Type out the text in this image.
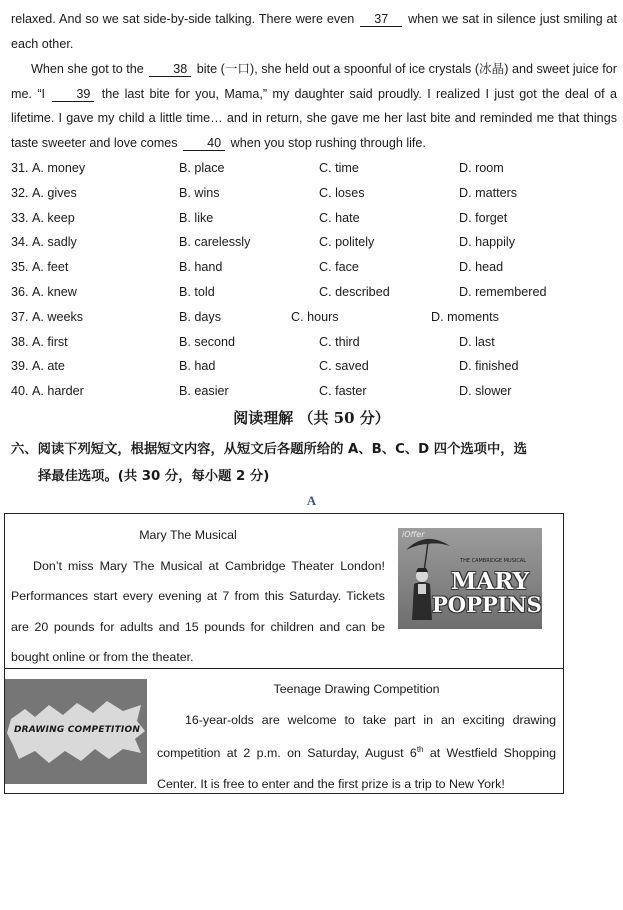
relaxed. And so we sat side-by-side talking. There were even 37 when we sat in silence just smiling at each other.
When she got to the 38 bite (一口), she held out a spoonful of ice crystals (冰晶) and sweet juice for me. “I 39 the last bite for you, Mama,” my daughter said proudly. I realized I just got the deal of a lifetime. I gave my child a little time… and in return, she gave me her last bite and reminded me that things taste sweeter and love comes 40 when you stop rushing through life.
31. A. money	B. place	C. time	D. room
32. A. gives	B. wins	C. loses	D. matters
33. A. keep	B. like	C. hate	D. forget
34. A. sadly	B. carelessly	C. politely	D. happily
35. A. feet	B. hand	C. face	D. head
36. A. knew	B. told	C. described	D. remembered
37. A. weeks	B. days	C. hours	D. moments
38. A. first	B. second	C. third	D. last
39. A. ate	B. had	C. saved	D. finished
40. A. harder	B. easier	C. faster	D. slower
阅读理解 （共 50 分）
六、阅读下列短文，根据短文内容，从短文后各题所给的 A、B、C、D 四个选项中，选
择最佳选项。(共 30 分，每小题 2 分)
A
Mary The Musical
Don’t miss Mary The Musical at Cambridge Theater London! Performances start every evening at 7 from this Saturday. Tickets are 20 pounds for adults and 15 pounds for children and can be bought online or from the theater.
iOffer
THE CAMBRIDGE MUSICAL
MARY
POPPINS
DRAWING COMPETITION
Teenage Drawing Competition
16-year-olds are welcome to take part in an exciting drawing competition at 2 p.m. on Saturday, August 6th at Westfield Shopping Center. It is free to enter and the first prize is a trip to New York!
